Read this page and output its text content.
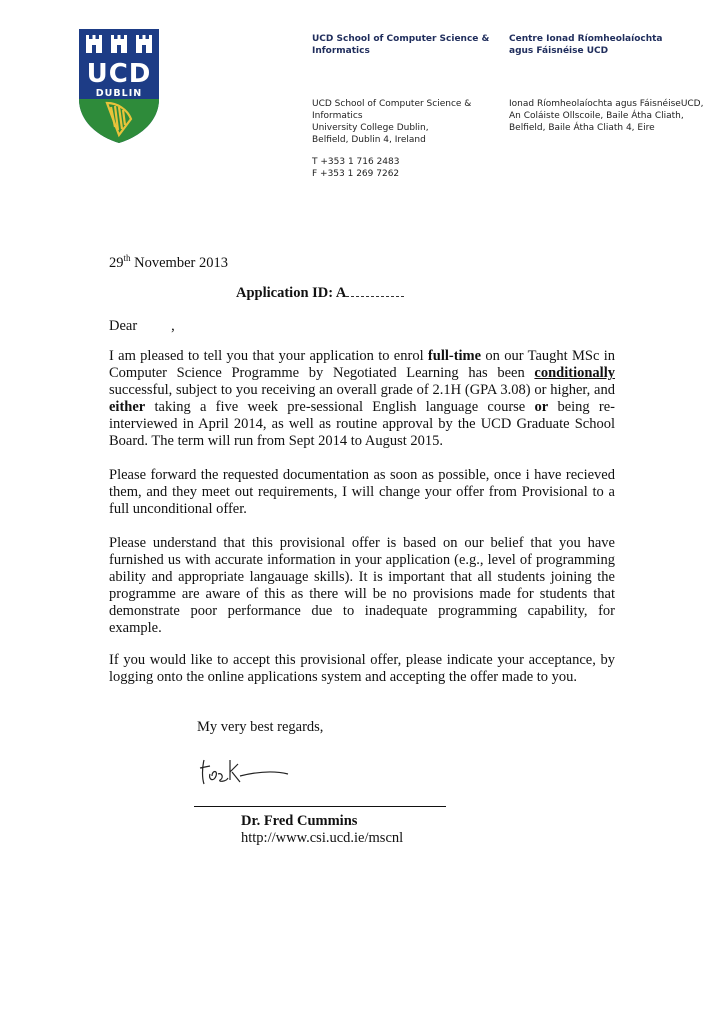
UCD
DUBLIN
UCD School of Computer Science &
Informatics
Centre Ionad Ríomheolaíochta
agus Fáisnéise UCD
UCD School of Computer Science &
Informatics
University College Dublin,
Belfield, Dublin 4, Ireland
T +353 1 716 2483
F +353 1 269 7262
Ionad Ríomheolaíochta agus FáisnéiseUCD,
An Coláiste Ollscoile, Baile Átha Cliath,
Belfield, Baile Átha Cliath 4, Eire
29th November 2013
Application ID: A
Dear ,

I am pleased to tell you that your application to enrol full-time on our Taught MSc in Computer Science Programme by Negotiated Learning has been conditionally successful, subject to you receiving an overall grade of 2.1H (GPA 3.08) or higher, and either taking a five week pre-sessional English language course or being re-interviewed in April 2014, as well as routine approval by the UCD Graduate School Board. The term will run from Sept 2014 to August 2015.

Please forward the requested documentation as soon as possible, once i have recieved them, and they meet out requirements, I will change your offer from Provisional to a full unconditional offer.

Please understand that this provisional offer is based on our belief that you have furnished us with accurate information in your application (e.g., level of programming ability and appropriate langauage skills). It is important that all students joining the programme are aware of this as there will be no provisions made for students that demonstrate poor performance due to inadequate programming capability, for example.

If you would like to accept this provisional offer, please indicate your acceptance, by logging onto the online applications system and accepting the offer made to you.

My very best regards,
Dr. Fred Cummins
http://www.csi.ucd.ie/mscnl
